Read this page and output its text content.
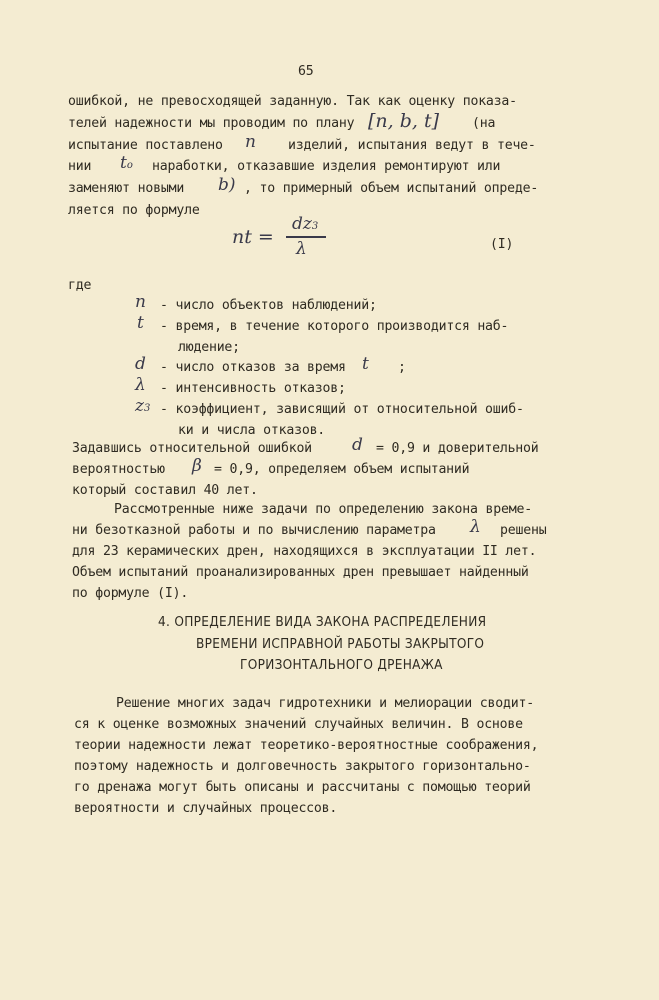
65
ошибкой, не превосходящей заданную. Так как оценку показа-
телей надежности мы проводим по плану [n, b, t] (на
испытание поставлено n изделий, испытания ведут в тече-
нии to наработки, отказавшие изделия ремонтируют или
заменяют новыми b) , то примерный объем испытаний опреде-
ляется по формуле
nt =
dz3
λ	(I)
где
n - число объектов наблюдений;
t - время, в течение которого производится наб-
людение;
d - число отказов за время t ;
λ - интенсивность отказов;
z3 - коэффициент, зависящий от относительной ошиб-
ки и числа отказов.
Задавшись относительной ошибкой d = 0,9 и доверительной
вероятностью β = 0,9, определяем объем испытаний
который составил 40 лет.
Рассмотренные ниже задачи по определению закона време-
ни безотказной работы и по вычислению параметра λ решены
для 23 керамических дрен, находящихся в эксплуатации II лет.
Объем испытаний проанализированных дрен превышает найденный
по формуле (I).
4. ОПРЕДЕЛЕНИЕ ВИДА ЗАКОНА РАСПРЕДЕЛЕНИЯ
ВРЕМЕНИ ИСПРАВНОЙ РАБОТЫ ЗАКРЫТОГО
ГОРИЗОНТАЛЬНОГО ДРЕНАЖА
Решение многих задач гидротехники и мелиорации сводит-
ся к оценке возможных значений случайных величин. В основе
теории надежности лежат теоретико-вероятностные соображения,
поэтому надежность и долговечность закрытого горизонтально-
го дренажа могут быть описаны и рассчитаны с помощью теорий
вероятности и случайных процессов.
